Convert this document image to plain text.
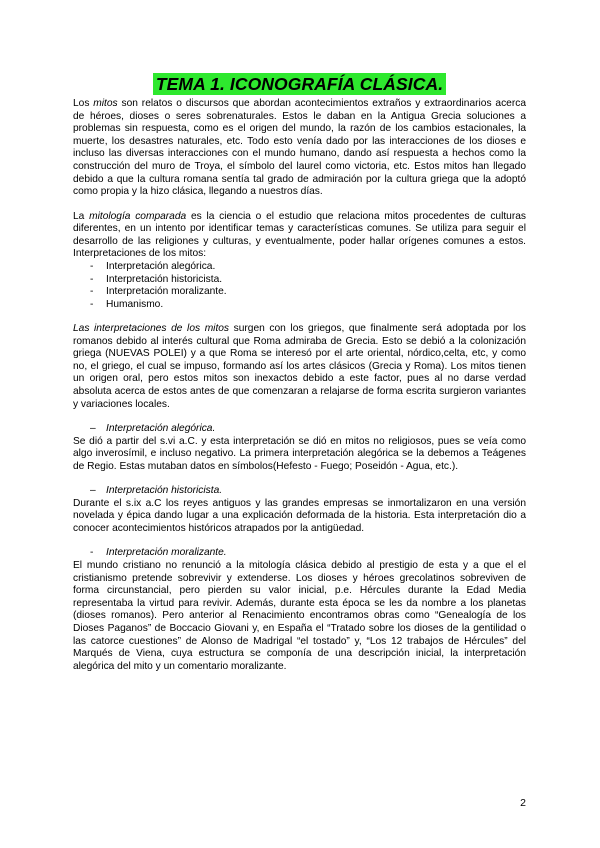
TEMA 1. ICONOGRAFÍA CLÁSICA.

Los mitos son relatos o discursos que abordan acontecimientos extraños y extraordinarios acerca de héroes, dioses o seres sobrenaturales. Estos le daban en la Antigua Grecia soluciones a problemas sin respuesta, como es el origen del mundo, la razón de los cambios estacionales, la muerte, los desastres naturales, etc. Todo esto venía dado por las interacciones de los dioses e incluso las diversas interacciones con el mundo humano, dando así respuesta a hechos como la construcción del muro de Troya, el símbolo del laurel como victoria, etc. Estos mitos han llegado debido a que la cultura romana sentía tal grado de admiración por la cultura griega que la adoptó como propia y la hizo clásica, llegando a nuestros días.

La mitología comparada es la ciencia o el estudio que relaciona mitos procedentes de culturas diferentes, en un intento por identificar temas y características comunes. Se utiliza para seguir el desarrollo de las religiones y culturas, y eventualmente, poder hallar orígenes comunes a estos. Interpretaciones de los mitos:

- Interpretación alegórica.
- Interpretación historicista.
- Interpretación moralizante.
- Humanismo.

Las interpretaciones de los mitos surgen con los griegos, que finalmente será adoptada por los romanos debido al interés cultural que Roma admiraba de Grecia. Esto se debió a la colonización griega (NUEVAS POLEI) y a que Roma se interesó por el arte oriental, nórdico,celta, etc, y como no, el griego, el cual se impuso, formando así los artes clásicos (Grecia y Roma). Los mitos tienen un origen oral, pero estos mitos son inexactos debido a este factor, pues al no darse verdad absoluta acerca de estos antes de que comenzaran a relajarse de forma escrita surgieron variantes y variaciones locales.

– Interpretación alegórica.

Se dió a partir del s.vi a.C. y esta interpretación se dió en mitos no religiosos, pues se veía como algo inverosímil, e incluso negativo. La primera interpretación alegórica se la debemos a Teágenes de Regio. Estas mutaban datos en símbolos(Hefesto - Fuego; Poseidón - Agua, etc.).

– Interpretación historicista.

Durante el s.ix a.C los reyes antiguos y las grandes empresas se inmortalizaron en una versión novelada y épica dando lugar a una explicación deformada de la historia. Esta interpretación dio a conocer acontecimientos históricos atrapados por la antigüedad.

- Interpretación moralizante.

El mundo cristiano no renunció a la mitología clásica debido al prestigio de esta y a que el el cristianismo pretende sobrevivir y extenderse. Los dioses y héroes grecolatinos sobreviven de forma circunstancial, pero pierden su valor inicial, p.e. Hércules durante la Edad Media representaba la virtud para revivir. Además, durante esta época se les da nombre a los planetas (dioses romanos). Pero anterior al Renacimiento encontramos obras como “Genealogía de los Dioses Paganos” de Boccacio Giovani y, en España el “Tratado sobre los dioses de la gentilidad o las catorce cuestiones” de Alonso de Madrigal “el tostado” y, “Los 12 trabajos de Hércules” del Marqués de Viena, cuya estructura se componía de una descripción inicial, la interpretación alegórica del mito y un comentario moralizante.

2
